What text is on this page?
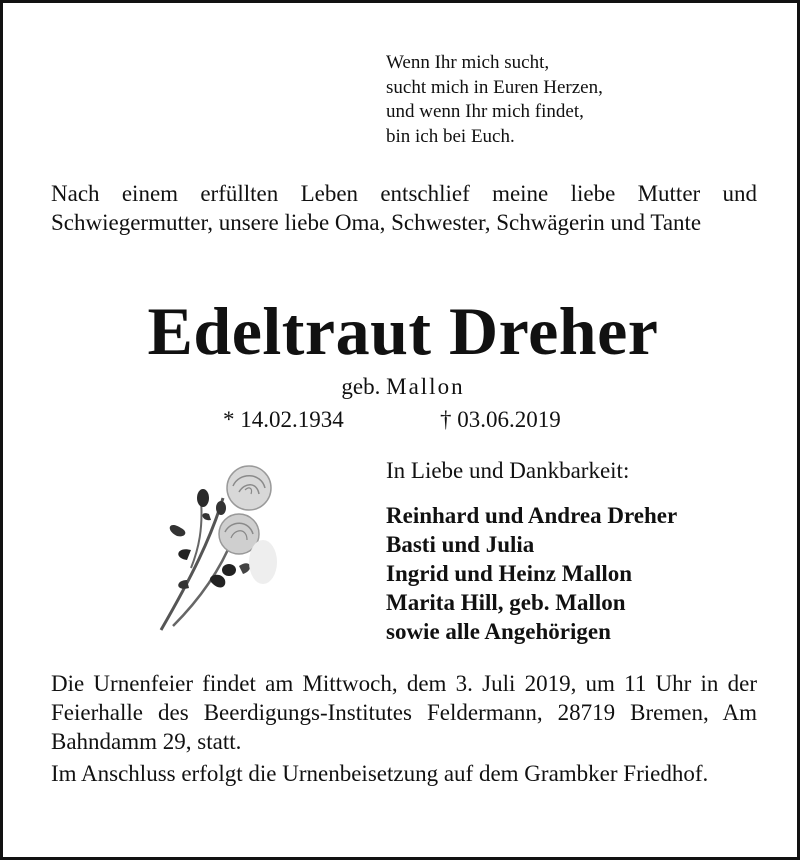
Wenn Ihr mich sucht,
sucht mich in Euren Herzen,
und wenn Ihr mich findet,
bin ich bei Euch.
Nach einem erfüllten Leben entschlief meine liebe Mutter und Schwiegermutter, unsere liebe Oma, Schwester, Schwägerin und Tante
Edeltraut Dreher
geb. Mallon
* 14.02.1934	† 03.06.2019
In Liebe und Dankbarkeit:
Reinhard und Andrea Dreher
Basti und Julia
Ingrid und Heinz Mallon
Marita Hill, geb. Mallon
sowie alle Angehörigen
Die Urnenfeier findet am Mittwoch, dem 3. Juli 2019, um 11 Uhr in der Feierhalle des Beerdigungs-Institutes Feldermann, 28719 Bremen, Am Bahndamm 29, statt.
Im Anschluss erfolgt die Urnenbeisetzung auf dem Grambker Friedhof.
